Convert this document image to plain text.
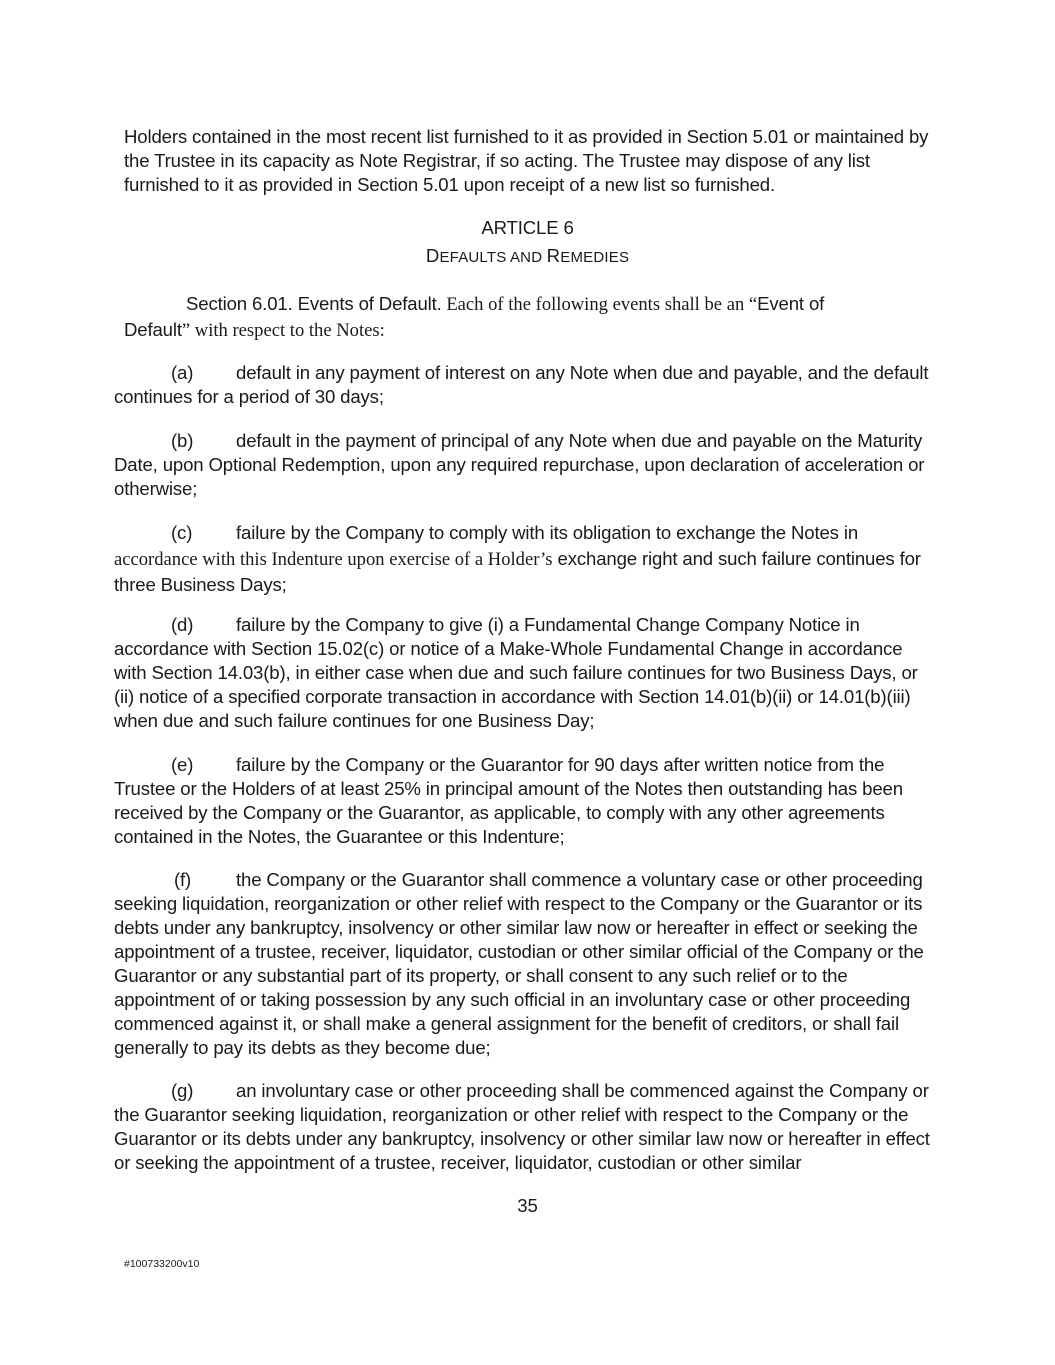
Holders contained in the most recent list furnished to it as provided in Section 5.01 or maintained by the Trustee in its capacity as Note Registrar, if so acting. The Trustee may dispose of any list furnished to it as provided in Section 5.01 upon receipt of a new list so furnished.

ARTICLE 6
DEFAULTS AND REMEDIES

Section 6.01. Events of Default. Each of the following events shall be an “Event of
Default” with respect to the Notes:

(a) default in any payment of interest on any Note when due and payable, and the default continues for a period of 30 days;

(b) default in the payment of principal of any Note when due and payable on the Maturity Date, upon Optional Redemption, upon any required repurchase, upon declaration of acceleration or otherwise;

(c) failure by the Company to comply with its obligation to exchange the Notes in
accordance with this Indenture upon exercise of a Holder’s exchange right and such failure continues for three Business Days;

(d) failure by the Company to give (i) a Fundamental Change Company Notice in accordance with Section 15.02(c) or notice of a Make-Whole Fundamental Change in accordance with Section 14.03(b), in either case when due and such failure continues for two Business Days, or (ii) notice of a specified corporate transaction in accordance with Section 14.01(b)(ii) or 14.01(b)(iii) when due and such failure continues for one Business Day;

(e) failure by the Company or the Guarantor for 90 days after written notice from the Trustee or the Holders of at least 25% in principal amount of the Notes then outstanding has been received by the Company or the Guarantor, as applicable, to comply with any other agreements contained in the Notes, the Guarantee or this Indenture;

(f) the Company or the Guarantor shall commence a voluntary case or other proceeding seeking liquidation, reorganization or other relief with respect to the Company or the Guarantor or its debts under any bankruptcy, insolvency or other similar law now or hereafter in effect or seeking the appointment of a trustee, receiver, liquidator, custodian or other similar official of the Company or the Guarantor or any substantial part of its property, or shall consent to any such relief or to the appointment of or taking possession by any such official in an involuntary case or other proceeding commenced against it, or shall make a general assignment for the benefit of creditors, or shall fail generally to pay its debts as they become due;

(g) an involuntary case or other proceeding shall be commenced against the Company or the Guarantor seeking liquidation, reorganization or other relief with respect to the Company or the Guarantor or its debts under any bankruptcy, insolvency or other similar law now or hereafter in effect or seeking the appointment of a trustee, receiver, liquidator, custodian or other similar

35
#100733200v10
